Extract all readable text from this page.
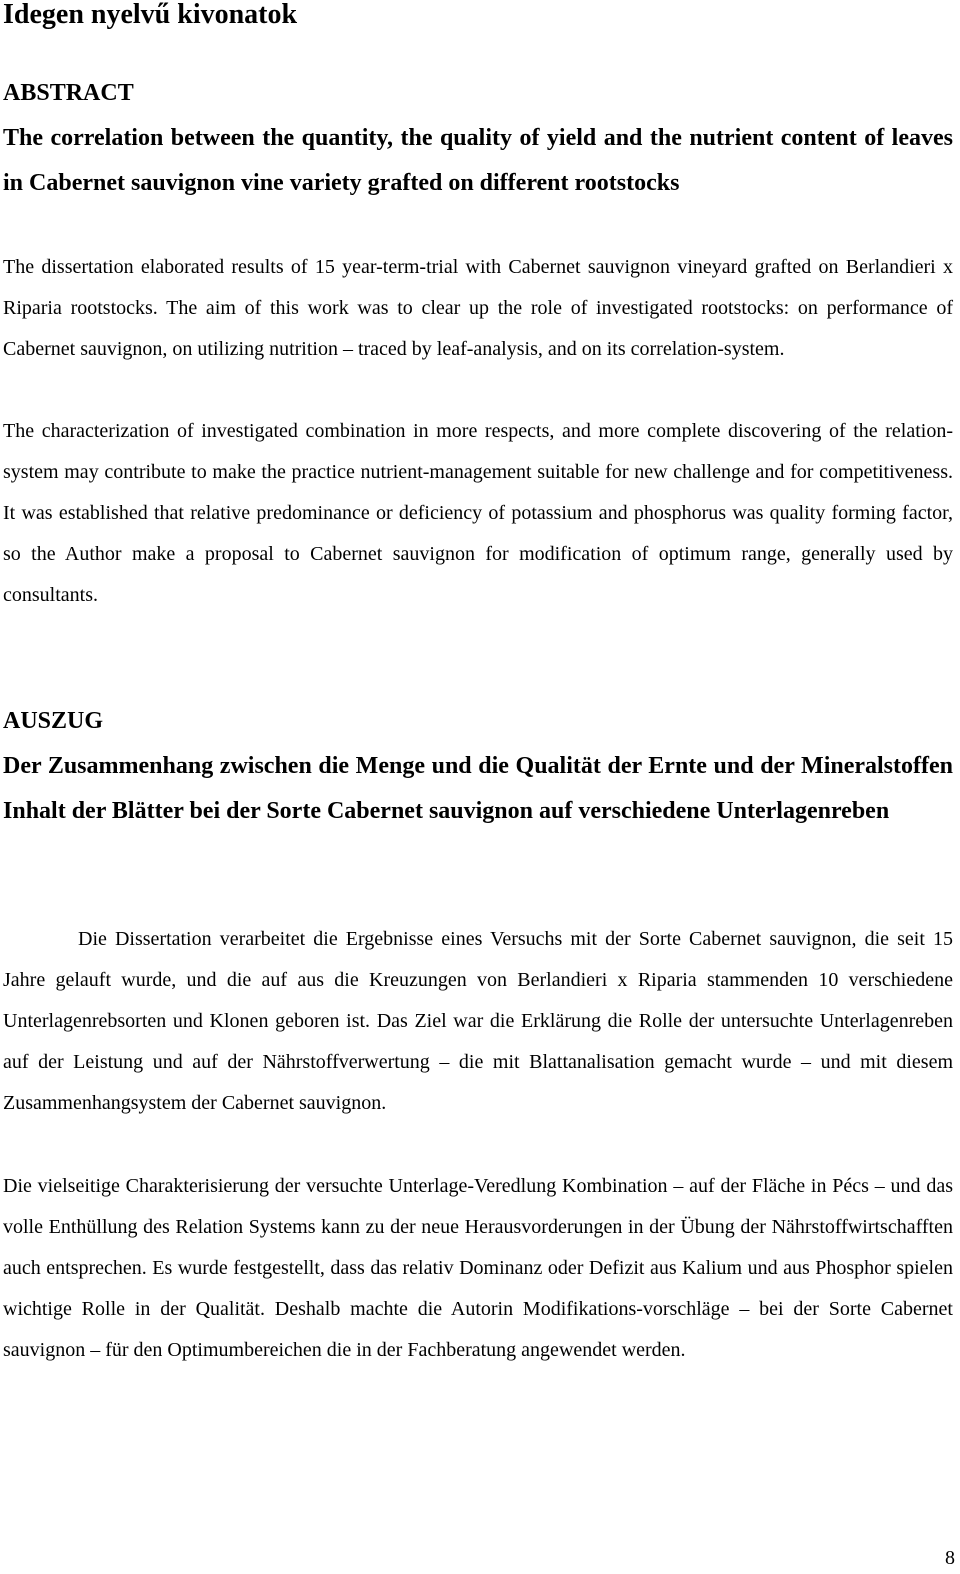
Idegen nyelvű kivonatok
ABSTRACT
The correlation between the quantity, the quality of yield and the nutrient content of leaves in Cabernet sauvignon vine variety grafted on different rootstocks

The dissertation elaborated results of 15 year-term-trial with Cabernet sauvignon vineyard grafted on Berlandieri x Riparia rootstocks. The aim of this work was to clear up the role of investigated rootstocks: on performance of Cabernet sauvignon, on utilizing nutrition – traced by leaf-analysis, and on its correlation-system.

The characterization of investigated combination in more respects, and more complete discovering of the relation-system may contribute to make the practice nutrient-management suitable for new challenge and for competitiveness. It was established that relative predominance or deficiency of potassium and phosphorus was quality forming factor, so the Author make a proposal to Cabernet sauvignon for modification of optimum range, generally used by consultants.

AUSZUG
Der Zusammenhang zwischen die Menge und die Qualität der Ernte und der Mineralstoffen Inhalt der Blätter bei der Sorte Cabernet sauvignon auf verschiedene Unterlagenreben

Die Dissertation verarbeitet die Ergebnisse eines Versuchs mit der Sorte Cabernet sauvignon, die seit 15 Jahre gelauft wurde, und die auf aus die Kreuzungen von Berlandieri x Riparia stammenden 10 verschiedene Unterlagenrebsorten und Klonen geboren ist. Das Ziel war die Erklärung die Rolle der untersuchte Unterlagenreben auf der Leistung und auf der Nährstoffverwertung – die mit Blattanalisation gemacht wurde – und mit diesem Zusammenhangsystem der Cabernet sauvignon.

Die vielseitige Charakterisierung der versuchte Unterlage-Veredlung Kombination – auf der Fläche in Pécs – und das volle Enthüllung des Relation Systems kann zu der neue Herausvorderungen in der Übung der Nährstoffwirtschafften auch entsprechen. Es wurde festgestellt, dass das relativ Dominanz oder Defizit aus Kalium und aus Phosphor spielen wichtige Rolle in der Qualität. Deshalb machte die Autorin Modifikations-vorschläge – bei der Sorte Cabernet sauvignon – für den Optimumbereichen die in der Fachberatung angewendet werden.

8
